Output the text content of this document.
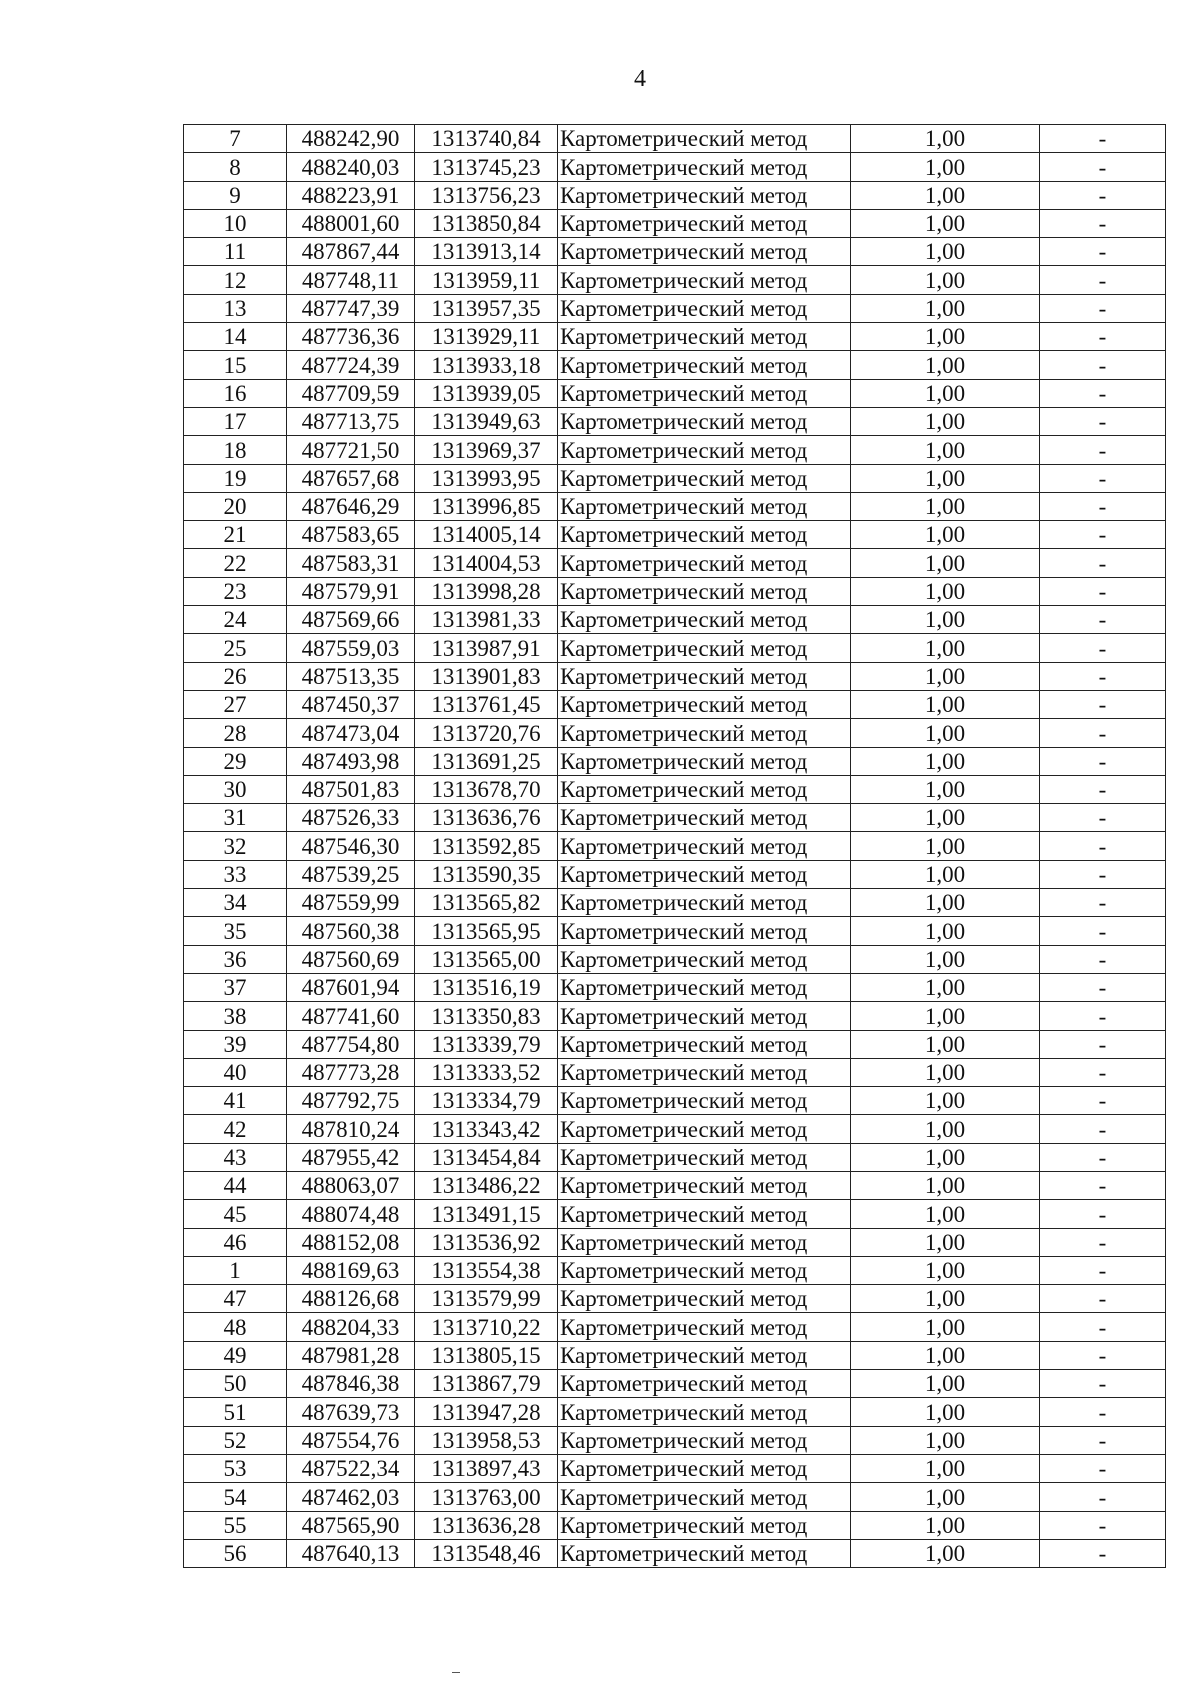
4
7	488242,90	1313740,84	Картометрический метод	1,00	-
8	488240,03	1313745,23	Картометрический метод	1,00	-
9	488223,91	1313756,23	Картометрический метод	1,00	-
10	488001,60	1313850,84	Картометрический метод	1,00	-
11	487867,44	1313913,14	Картометрический метод	1,00	-
12	487748,11	1313959,11	Картометрический метод	1,00	-
13	487747,39	1313957,35	Картометрический метод	1,00	-
14	487736,36	1313929,11	Картометрический метод	1,00	-
15	487724,39	1313933,18	Картометрический метод	1,00	-
16	487709,59	1313939,05	Картометрический метод	1,00	-
17	487713,75	1313949,63	Картометрический метод	1,00	-
18	487721,50	1313969,37	Картометрический метод	1,00	-
19	487657,68	1313993,95	Картометрический метод	1,00	-
20	487646,29	1313996,85	Картометрический метод	1,00	-
21	487583,65	1314005,14	Картометрический метод	1,00	-
22	487583,31	1314004,53	Картометрический метод	1,00	-
23	487579,91	1313998,28	Картометрический метод	1,00	-
24	487569,66	1313981,33	Картометрический метод	1,00	-
25	487559,03	1313987,91	Картометрический метод	1,00	-
26	487513,35	1313901,83	Картометрический метод	1,00	-
27	487450,37	1313761,45	Картометрический метод	1,00	-
28	487473,04	1313720,76	Картометрический метод	1,00	-
29	487493,98	1313691,25	Картометрический метод	1,00	-
30	487501,83	1313678,70	Картометрический метод	1,00	-
31	487526,33	1313636,76	Картометрический метод	1,00	-
32	487546,30	1313592,85	Картометрический метод	1,00	-
33	487539,25	1313590,35	Картометрический метод	1,00	-
34	487559,99	1313565,82	Картометрический метод	1,00	-
35	487560,38	1313565,95	Картометрический метод	1,00	-
36	487560,69	1313565,00	Картометрический метод	1,00	-
37	487601,94	1313516,19	Картометрический метод	1,00	-
38	487741,60	1313350,83	Картометрический метод	1,00	-
39	487754,80	1313339,79	Картометрический метод	1,00	-
40	487773,28	1313333,52	Картометрический метод	1,00	-
41	487792,75	1313334,79	Картометрический метод	1,00	-
42	487810,24	1313343,42	Картометрический метод	1,00	-
43	487955,42	1313454,84	Картометрический метод	1,00	-
44	488063,07	1313486,22	Картометрический метод	1,00	-
45	488074,48	1313491,15	Картометрический метод	1,00	-
46	488152,08	1313536,92	Картометрический метод	1,00	-
1	488169,63	1313554,38	Картометрический метод	1,00	-
47	488126,68	1313579,99	Картометрический метод	1,00	-
48	488204,33	1313710,22	Картометрический метод	1,00	-
49	487981,28	1313805,15	Картометрический метод	1,00	-
50	487846,38	1313867,79	Картометрический метод	1,00	-
51	487639,73	1313947,28	Картометрический метод	1,00	-
52	487554,76	1313958,53	Картометрический метод	1,00	-
53	487522,34	1313897,43	Картометрический метод	1,00	-
54	487462,03	1313763,00	Картометрический метод	1,00	-
55	487565,90	1313636,28	Картометрический метод	1,00	-
56	487640,13	1313548,46	Картометрический метод	1,00	-
